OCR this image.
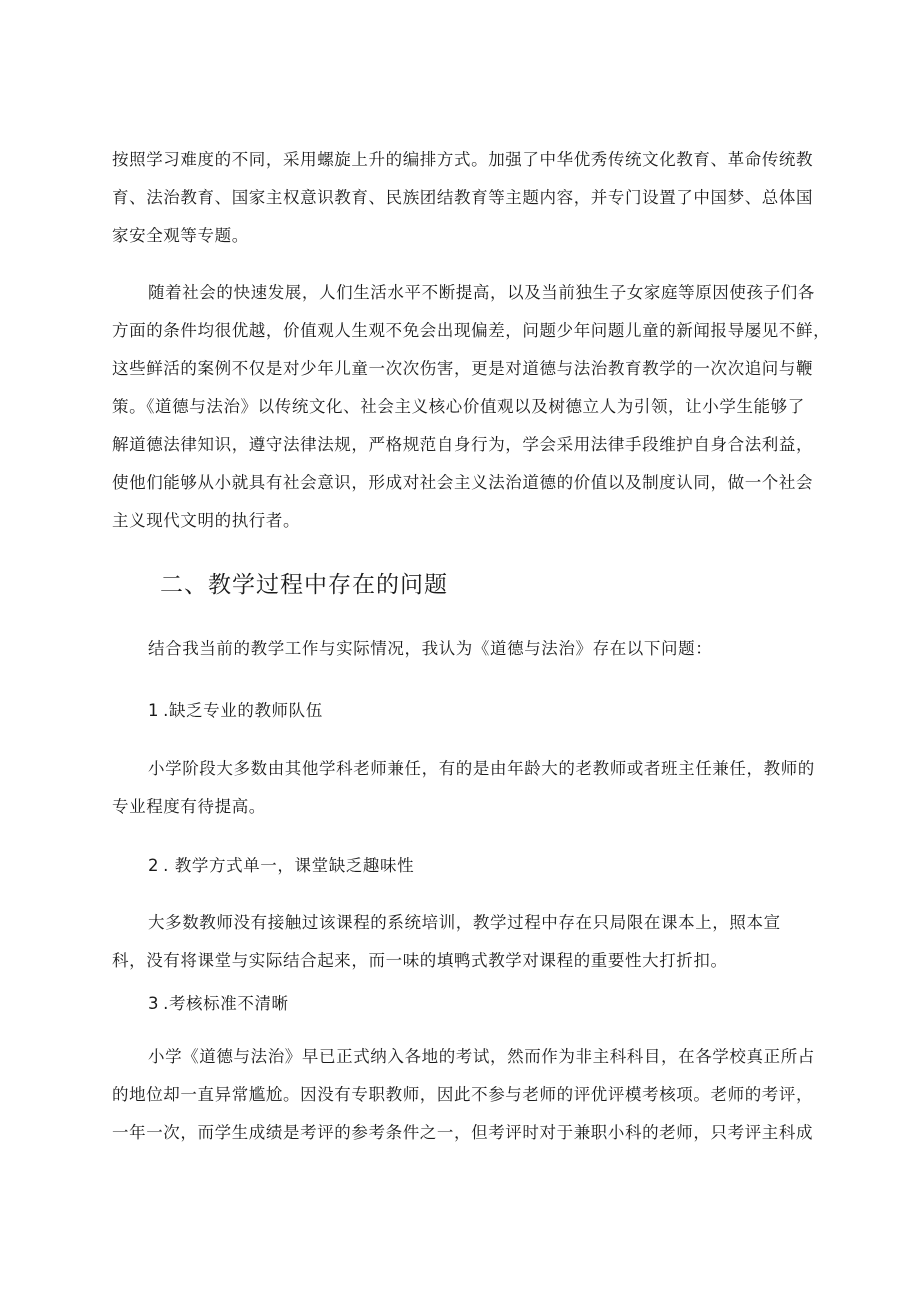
按照学习难度的不同，采用螺旋上升的编排方式。加强了中华优秀传统文化教育、革命传统教
育、法治教育、国家主权意识教育、民族团结教育等主题内容，并专门设置了中国梦、总体国
家安全观等专题。

随着社会的快速发展，人们生活水平不断提高，以及当前独生子女家庭等原因使孩子们各
方面的条件均很优越，价值观人生观不免会出现偏差，问题少年问题儿童的新闻报导屡见不鲜，
这些鲜活的案例不仅是对少年儿童一次次伤害，更是对道德与法治教育教学的一次次追问与鞭
策。《道德与法治》以传统文化、社会主义核心价值观以及树德立人为引领，让小学生能够了
解道德法律知识，遵守法律法规，严格规范自身行为，学会采用法律手段维护自身合法利益，
使他们能够从小就具有社会意识，形成对社会主义法治道德的价值以及制度认同，做一个社会
主义现代文明的执行者。

二、教学过程中存在的问题

结合我当前的教学工作与实际情况，我认为《道德与法治》存在以下问题：

1 .缺乏专业的教师队伍

小学阶段大多数由其他学科老师兼任，有的是由年龄大的老教师或者班主任兼任，教师的
专业程度有待提高。

2 . 教学方式单一，课堂缺乏趣味性

大多数教师没有接触过该课程的系统培训，教学过程中存在只局限在课本上，照本宣
科，没有将课堂与实际结合起来，而一味的填鸭式教学对课程的重要性大打折扣。

3 .考核标准不清晰

小学《道德与法治》早已正式纳入各地的考试，然而作为非主科科目，在各学校真正所占
的地位却一直异常尴尬。因没有专职教师，因此不参与老师的评优评模考核项。老师的考评，
一年一次，而学生成绩是考评的参考条件之一，但考评时对于兼职小科的老师，只考评主科成
